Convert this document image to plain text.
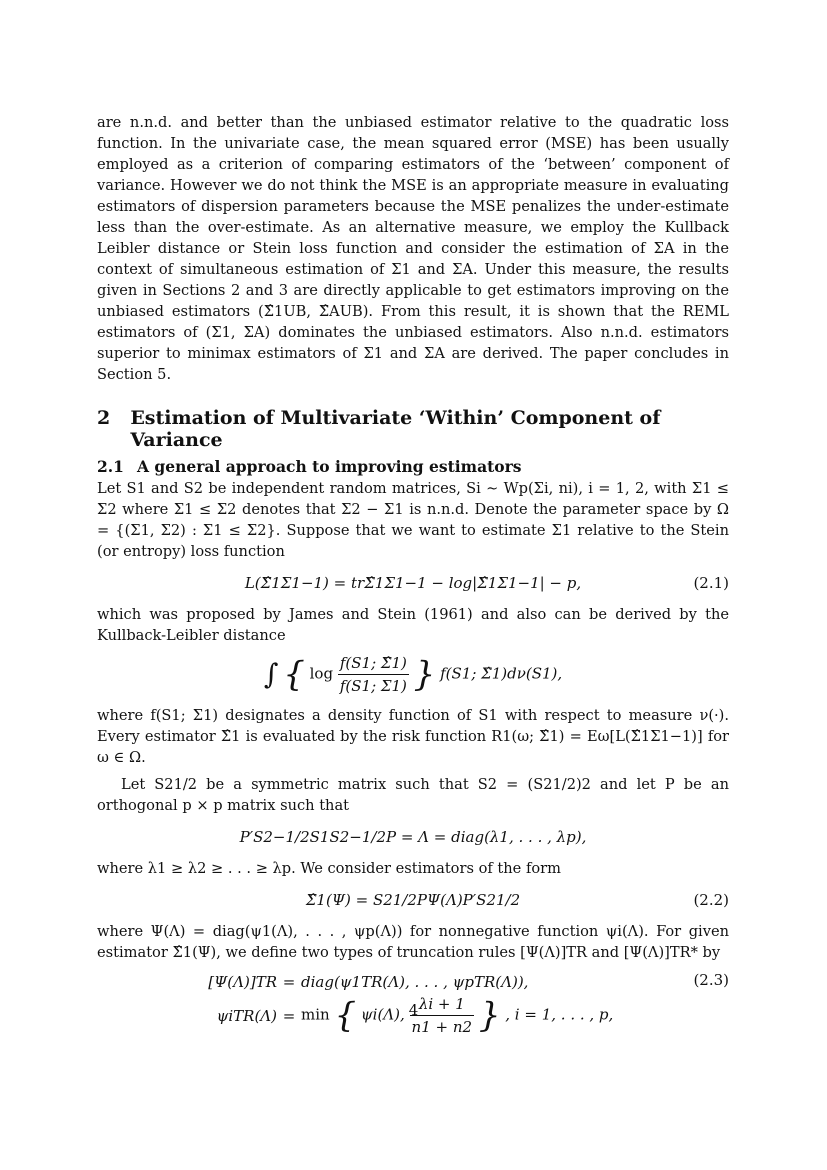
are n.n.d. and better than the unbiased estimator relative to the quadratic loss function. In the univariate case, the mean squared error (MSE) has been usually employed as a criterion of comparing estimators of the ‘between’ component of variance. However we do not think the MSE is an appropriate measure in evaluating estimators of dispersion parameters because the MSE penalizes the under-estimate less than the over-estimate. As an alternative measure, we employ the Kullback Leibler distance or Stein loss function and consider the estimation of ΣA in the context of simultaneous estimation of Σ1 and ΣA. Under this measure, the results given in Sections 2 and 3 are directly applicable to get estimators improving on the unbiased estimators (Σ̂1UB, Σ̂AUB). From this result, it is shown that the REML estimators of (Σ1, ΣA) dominates the unbiased estimators. Also n.n.d. estimators superior to minimax estimators of Σ1 and ΣA are derived. The paper concludes in Section 5.

2	Estimation of Multivariate ‘Within’ Component of Variance
2.1 A general approach to improving estimators

Let S1 and S2 be independent random matrices, Si ∼ Wp(Σi, ni), i = 1, 2, with Σ1 ≤ Σ2 where Σ1 ≤ Σ2 denotes that Σ2 − Σ1 is n.n.d. Denote the parameter space by Ω = {(Σ1, Σ2) : Σ1 ≤ Σ2}. Suppose that we want to estimate Σ1 relative to the Stein (or entropy) loss function

L(Σ̂1Σ1−1) = trΣ̂1Σ1−1 − log|Σ̂1Σ1−1| − p,	(2.1)

which was proposed by James and Stein (1961) and also can be derived by the Kullback-Leibler distance

∫ { $\log \frac{f(S1; \Sigmâ1)}{f(S1; \Sigma 1)}$ } f(S1; Σ̂1)dν(S1),

where f(S1; Σ1) designates a density function of S1 with respect to measure ν(·). Every estimator Σ̂1 is evaluated by the risk function R1(ω; Σ̂1) = Eω[L(Σ̂1Σ1−1)] for ω ∈ Ω.

Let S21/2 be a symmetric matrix such that S2 = (S21/2)2 and let P be an orthogonal p × p matrix such that

P′S2−1/2S1S2−1/2P = Λ = diag(λ1, . . . , λp),

where λ1 ≥ λ2 ≥ . . . ≥ λp. We consider estimators of the form

Σ̂1(Ψ) = S21/2PΨ(Λ)P′S21/2	(2.2)

where Ψ(Λ) = diag(ψ1(Λ), . . . , ψp(Λ)) for nonnegative function ψi(Λ). For given estimator Σ̂1(Ψ), we define two types of truncation rules [Ψ(Λ)]TR and [Ψ(Λ)]TR* by

(2.3)
[Ψ(Λ)]TR = diag(ψ1TR(Λ), . . . , ψpTR(Λ)),
ψiTR(Λ) = min { ψi(Λ), $\frac{\lambda i + 1}{n1 + n2}$ } , i = 1, . . . , p,
4
